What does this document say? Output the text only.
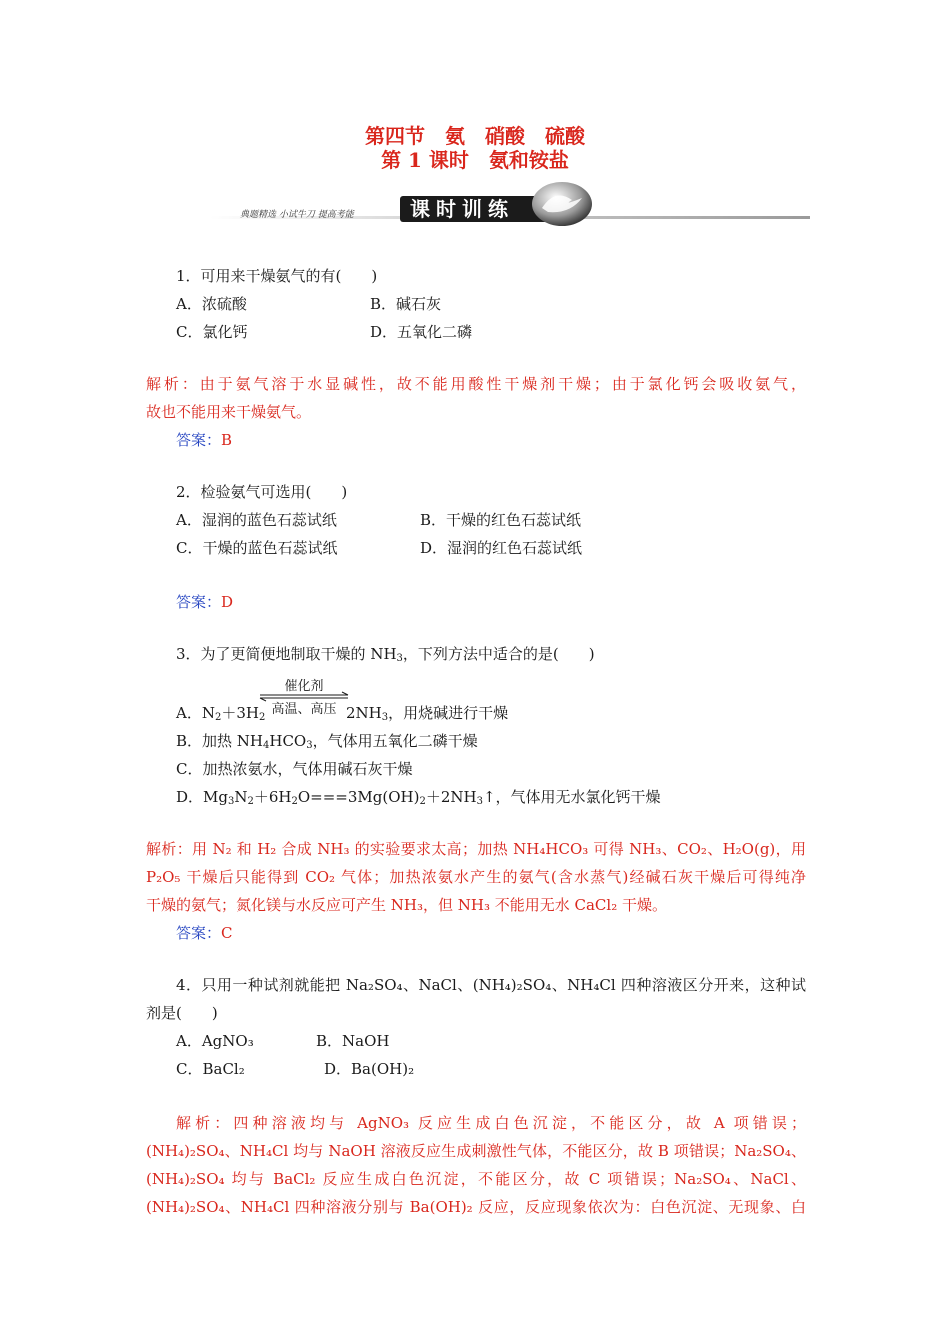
第四节　氨　硝酸　硫酸
第 1 课时　氨和铵盐
典题精选 小试牛刀 提高考能	课时训练
1．可用来干燥氨气的有(　　)
A．浓硫酸	B．碱石灰
C．氯化钙	D．五氧化二磷
解析：由于氨气溶于水显碱性，故不能用酸性干燥剂干燥；由于氯化钙会吸收氨气，
故也不能用来干燥氨气。
答案：B
2．检验氨气可选用(　　)
A．湿润的蓝色石蕊试纸	B．干燥的红色石蕊试纸
C．干燥的蓝色石蕊试纸	D．湿润的红色石蕊试纸
答案：D
3．为了更简便地制取干燥的 $NH_3$，下列方法中适合的是(　　)
催化剂
高温、高压
A．$N_2+3H_2$	$2NH_3$，用烧碱进行干燥
B．加热 $NH_4HCO_3$，气体用五氧化二磷干燥
C．加热浓氨水，气体用碱石灰干燥
D．$Mg_3N_2+6H_2O===3Mg(OH)_2+2NH_3↑$，气体用无水氯化钙干燥
解析：用 N₂ 和 H₂ 合成 NH₃ 的实验要求太高；加热 NH₄HCO₃ 可得 NH₃、CO₂、H₂O(g)，用
P₂O₅ 干燥后只能得到 CO₂ 气体；加热浓氨水产生的氨气(含水蒸气)经碱石灰干燥后可得纯净
干燥的氨气；氮化镁与水反应可产生 NH₃，但 NH₃ 不能用无水 CaCl₂ 干燥。
答案：C
4．只用一种试剂就能把 Na₂SO₄、NaCl、(NH₄)₂SO₄、NH₄Cl 四种溶液区分开来，这种试
剂是(　　)
A．AgNO₃	B．NaOH
C．BaCl₂	D．Ba(OH)₂
解析：四种溶液均与 AgNO₃ 反应生成白色沉淀，不能区分，故 A 项错误；
(NH₄)₂SO₄、NH₄Cl 均与 NaOH 溶液反应生成刺激性气体，不能区分，故 B 项错误；Na₂SO₄、
(NH₄)₂SO₄ 均与 BaCl₂ 反应生成白色沉淀，不能区分，故 C 项错误；Na₂SO₄、NaCl、
(NH₄)₂SO₄、NH₄Cl 四种溶液分别与 Ba(OH)₂ 反应，反应现象依次为：白色沉淀、无现象、白
